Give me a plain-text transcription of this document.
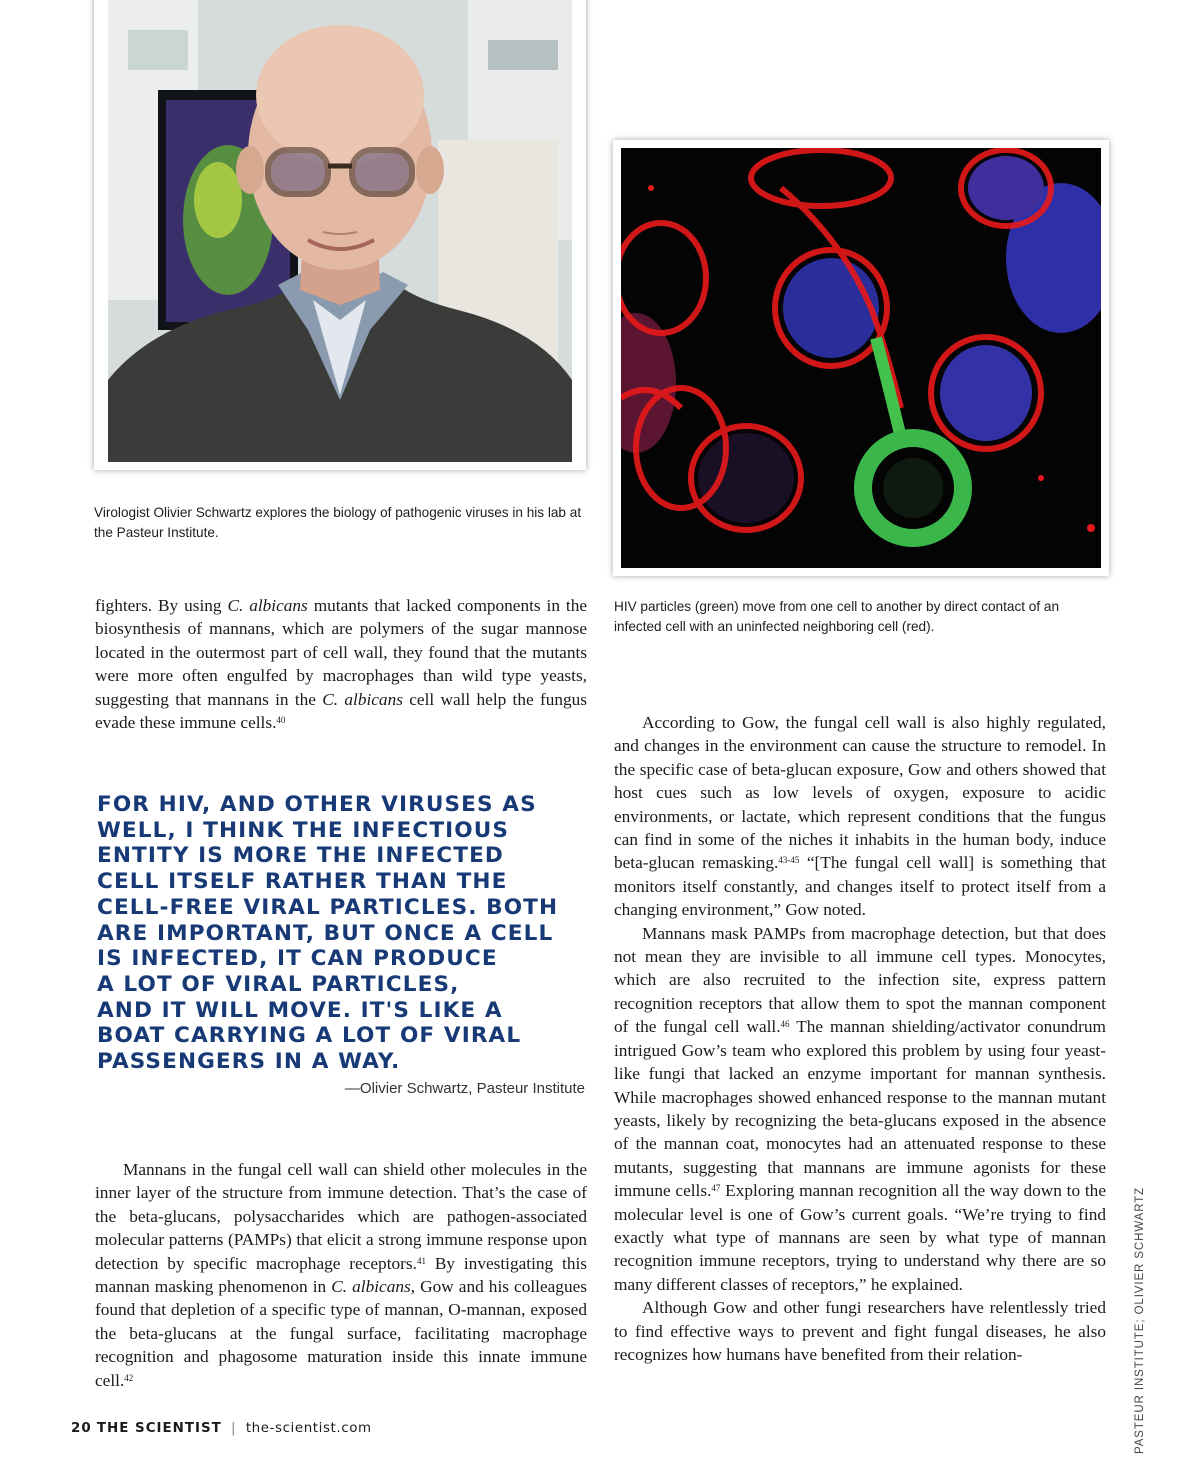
Virologist Olivier Schwartz explores the biology of pathogenic viruses in his lab at the Pasteur Institute.
HIV particles (green) move from one cell to another by direct contact of an infected cell with an uninfected neighboring cell (red).

fighters. By using C. albicans mutants that lacked components in the biosynthesis of mannans, which are polymers of the sugar mannose located in the outermost part of cell wall, they found that the mutants were more often engulfed by macrophages than wild type yeasts, suggesting that mannans in the C. albicans cell wall help the fungus evade these immune cells.$^{40}$

FOR HIV, AND OTHER VIRUSES AS
WELL, I THINK THE INFECTIOUS
ENTITY IS MORE THE INFECTED
CELL ITSELF RATHER THAN THE
CELL-FREE VIRAL PARTICLES. BOTH
ARE IMPORTANT, BUT ONCE A CELL
IS INFECTED, IT CAN PRODUCE
A LOT OF VIRAL PARTICLES,
AND IT WILL MOVE. IT'S LIKE A
BOAT CARRYING A LOT OF VIRAL
PASSENGERS IN A WAY.
—Olivier Schwartz, Pasteur Institute

Mannans in the fungal cell wall can shield other molecules in the inner layer of the structure from immune detection. That’s the case of the beta-glucans, polysaccharides which are pathogen-associated molecular patterns (PAMPs) that elicit a strong immune response upon detection by specific macrophage receptors.$^{41}$ By investigating this mannan masking phenomenon in C. albicans, Gow and his colleagues found that depletion of a specific type of mannan, O-mannan, exposed the beta-glucans at the fungal surface, facilitating macrophage recognition and phagosome maturation inside this innate immune cell.$^{42}$

According to Gow, the fungal cell wall is also highly regulated, and changes in the environment can cause the structure to remodel. In the specific case of beta-glucan exposure, Gow and others showed that host cues such as low levels of oxygen, exposure to acidic environments, or lactate, which represent conditions that the fungus can find in some of the niches it inhabits in the human body, induce beta-glucan remasking.$^{43-45}$ “[The fungal cell wall] is something that monitors itself constantly, and changes itself to protect itself from a changing environment,” Gow noted.

Mannans mask PAMPs from macrophage detection, but that does not mean they are invisible to all immune cell types. Monocytes, which are also recruited to the infection site, express pattern recognition receptors that allow them to spot the mannan component of the fungal cell wall.$^{46}$ The mannan shielding/activator conundrum intrigued Gow’s team who explored this problem by using four yeast-like fungi that lacked an enzyme important for mannan synthesis. While macrophages showed enhanced response to the mannan mutant yeasts, likely by recognizing the beta-glucans exposed in the absence of the mannan coat, monocytes had an attenuated response to these mutants, suggesting that mannans are immune agonists for these immune cells.$^{47}$ Exploring mannan recognition all the way down to the molecular level is one of Gow’s current goals. “We’re trying to find exactly what type of mannans are seen by what type of mannan recognition immune receptors, trying to understand why there are so many different classes of receptors,” he explained.

Although Gow and other fungi researchers have relentlessly tried to find effective ways to prevent and fight fungal diseases, he also recognizes how humans have benefited from their relation-	PASTEUR INSTITUTE; OLIVIER SCHWARTZ
20 THE SCIENTIST | the-scientist.com
